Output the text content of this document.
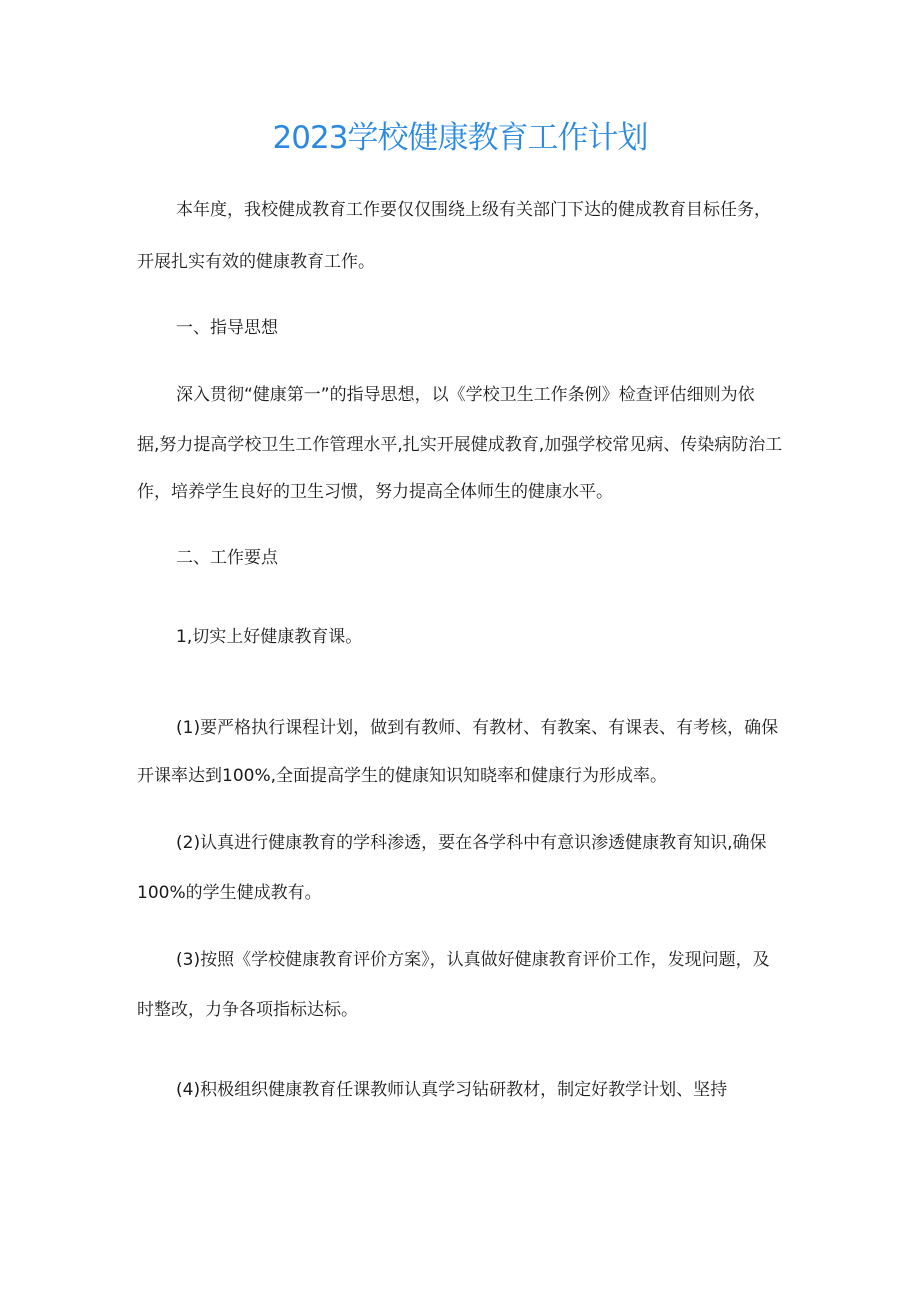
2023学校健康教育工作计划
本年度，我校健成教育工作要仅仅围绕上级有关部门下达的健成教育目标任务，
开展扎实有效的健康教育工作。
一、指导思想
深入贯彻“健康第一”的指导思想，以《学校卫生工作条例》检查评估细则为依
据,努力提高学校卫生工作管理水平,扎实开展健成教育,加强学校常见病、传染病防治工
作，培养学生良好的卫生习惯，努力提高全体师生的健康水平。
二、工作要点
1,切实上好健康教育课。
(1)要严格执行课程计划，做到有教师、有教材、有教案、有课表、有考核，确保
开课率达到100%,全面提高学生的健康知识知晓率和健康行为形成率。
(2)认真进行健康教育的学科渗透，要在各学科中有意识渗透健康教育知识,确保
100%的学生健成教有。
(3)按照《学校健康教育评价方案》，认真做好健康教育评价工作，发现问题，及
时整改，力争各项指标达标。
(4)积极组织健康教育任课教师认真学习钻研教材，制定好教学计划、坚持
